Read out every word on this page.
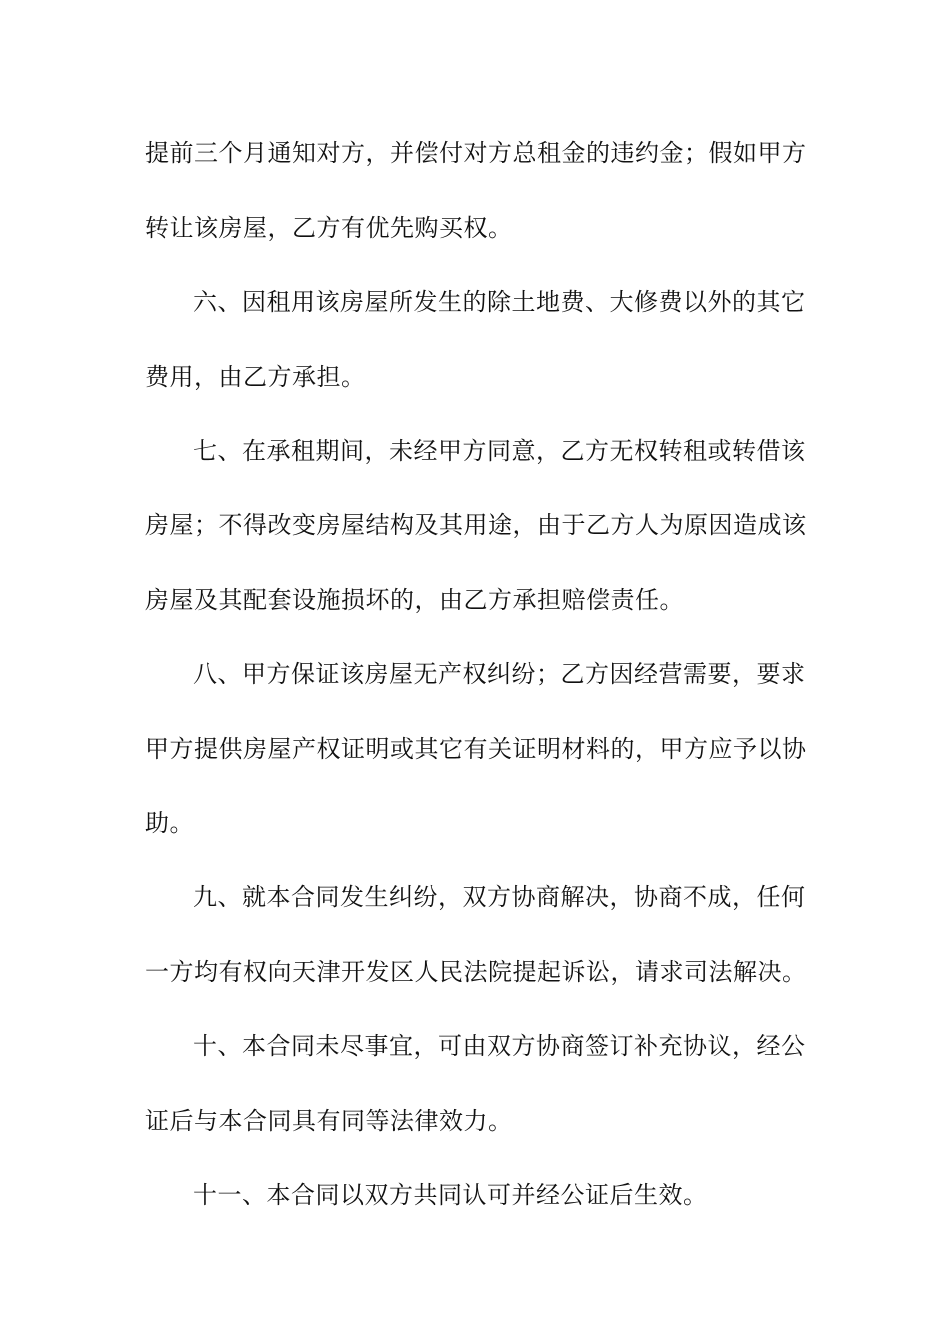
提前三个月通知对方，并偿付对方总租金的违约金；假如甲方
转让该房屋，乙方有优先购买权。
六、因租用该房屋所发生的除土地费、大修费以外的其它
费用，由乙方承担。
七、在承租期间，未经甲方同意，乙方无权转租或转借该
房屋；不得改变房屋结构及其用途，由于乙方人为原因造成该
房屋及其配套设施损坏的，由乙方承担赔偿责任。
八、甲方保证该房屋无产权纠纷；乙方因经营需要，要求
甲方提供房屋产权证明或其它有关证明材料的，甲方应予以协
助。
九、就本合同发生纠纷，双方协商解决，协商不成，任何
一方均有权向天津开发区人民法院提起诉讼，请求司法解决。
十、本合同未尽事宜，可由双方协商签订补充协议，经公
证后与本合同具有同等法律效力。
十一、本合同以双方共同认可并经公证后生效。
